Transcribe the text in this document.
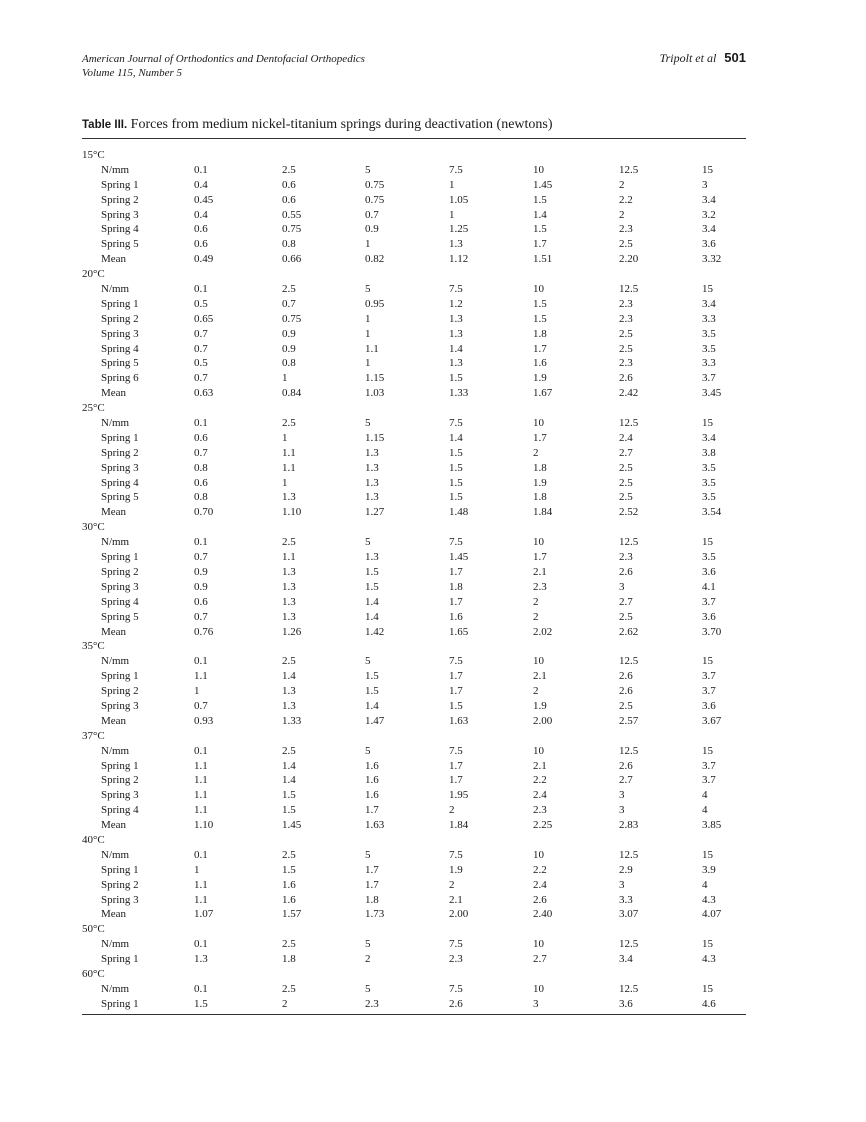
American Journal of Orthodontics and Dentofacial Orthopedics
Volume 115, Number 5
Tripolt et al 501
Table III. Forces from medium nickel-titanium springs during deactivation (newtons)
15°C
N/mm	0.1	2.5	5	7.5	10	12.5	15
Spring 1	0.4	0.6	0.75	1	1.45	2	3
Spring 2	0.45	0.6	0.75	1.05	1.5	2.2	3.4
Spring 3	0.4	0.55	0.7	1	1.4	2	3.2
Spring 4	0.6	0.75	0.9	1.25	1.5	2.3	3.4
Spring 5	0.6	0.8	1	1.3	1.7	2.5	3.6
Mean	0.49	0.66	0.82	1.12	1.51	2.20	3.32
20°C
N/mm	0.1	2.5	5	7.5	10	12.5	15
Spring 1	0.5	0.7	0.95	1.2	1.5	2.3	3.4
Spring 2	0.65	0.75	1	1.3	1.5	2.3	3.3
Spring 3	0.7	0.9	1	1.3	1.8	2.5	3.5
Spring 4	0.7	0.9	1.1	1.4	1.7	2.5	3.5
Spring 5	0.5	0.8	1	1.3	1.6	2.3	3.3
Spring 6	0.7	1	1.15	1.5	1.9	2.6	3.7
Mean	0.63	0.84	1.03	1.33	1.67	2.42	3.45
25°C
N/mm	0.1	2.5	5	7.5	10	12.5	15
Spring 1	0.6	1	1.15	1.4	1.7	2.4	3.4
Spring 2	0.7	1.1	1.3	1.5	2	2.7	3.8
Spring 3	0.8	1.1	1.3	1.5	1.8	2.5	3.5
Spring 4	0.6	1	1.3	1.5	1.9	2.5	3.5
Spring 5	0.8	1.3	1.3	1.5	1.8	2.5	3.5
Mean	0.70	1.10	1.27	1.48	1.84	2.52	3.54
30°C
N/mm	0.1	2.5	5	7.5	10	12.5	15
Spring 1	0.7	1.1	1.3	1.45	1.7	2.3	3.5
Spring 2	0.9	1.3	1.5	1.7	2.1	2.6	3.6
Spring 3	0.9	1.3	1.5	1.8	2.3	3	4.1
Spring 4	0.6	1.3	1.4	1.7	2	2.7	3.7
Spring 5	0.7	1.3	1.4	1.6	2	2.5	3.6
Mean	0.76	1.26	1.42	1.65	2.02	2.62	3.70
35°C
N/mm	0.1	2.5	5	7.5	10	12.5	15
Spring 1	1.1	1.4	1.5	1.7	2.1	2.6	3.7
Spring 2	1	1.3	1.5	1.7	2	2.6	3.7
Spring 3	0.7	1.3	1.4	1.5	1.9	2.5	3.6
Mean	0.93	1.33	1.47	1.63	2.00	2.57	3.67
37°C
N/mm	0.1	2.5	5	7.5	10	12.5	15
Spring 1	1.1	1.4	1.6	1.7	2.1	2.6	3.7
Spring 2	1.1	1.4	1.6	1.7	2.2	2.7	3.7
Spring 3	1.1	1.5	1.6	1.95	2.4	3	4
Spring 4	1.1	1.5	1.7	2	2.3	3	4
Mean	1.10	1.45	1.63	1.84	2.25	2.83	3.85
40°C
N/mm	0.1	2.5	5	7.5	10	12.5	15
Spring 1	1	1.5	1.7	1.9	2.2	2.9	3.9
Spring 2	1.1	1.6	1.7	2	2.4	3	4
Spring 3	1.1	1.6	1.8	2.1	2.6	3.3	4.3
Mean	1.07	1.57	1.73	2.00	2.40	3.07	4.07
50°C
N/mm	0.1	2.5	5	7.5	10	12.5	15
Spring 1	1.3	1.8	2	2.3	2.7	3.4	4.3
60°C
N/mm	0.1	2.5	5	7.5	10	12.5	15
Spring 1	1.5	2	2.3	2.6	3	3.6	4.6
